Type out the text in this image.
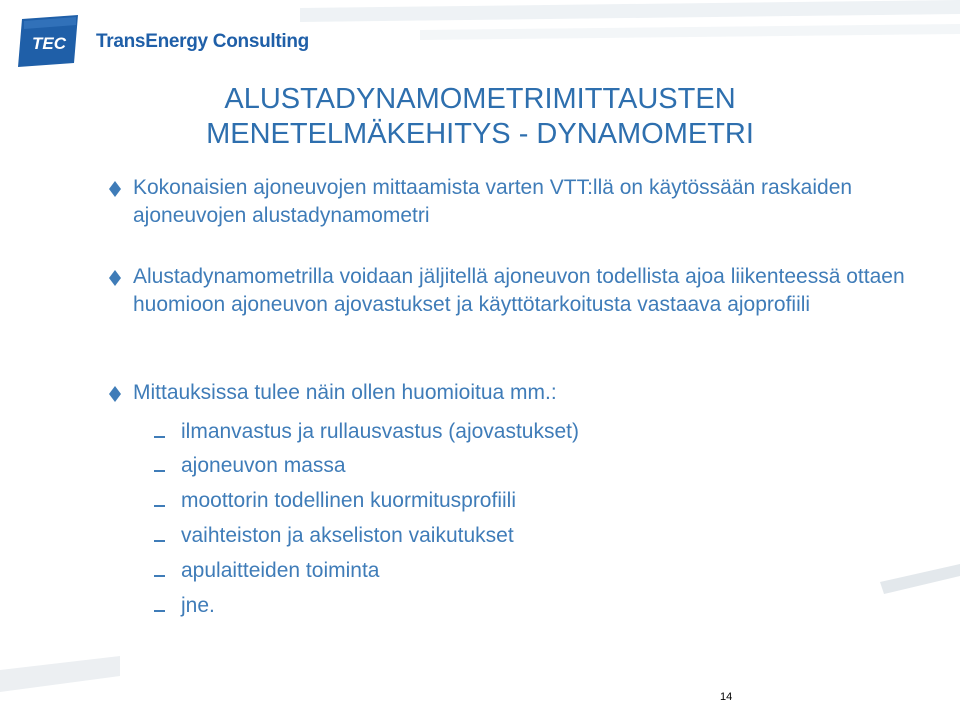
TEC TransEnergy Consulting
ALUSTADYNAMOMETRIMITTAUSTEN
MENETELMÄKEHITYS - DYNAMOMETRI
Kokonaisien ajoneuvojen mittaamista varten VTT:llä on käytössään raskaiden ajoneuvojen alustadynamometri
Alustadynamometrilla voidaan jäljitellä ajoneuvon todellista ajoa liikenteessä ottaen huomioon ajoneuvon ajovastukset ja käyttötarkoitusta vastaava ajoprofiili
Mittauksissa tulee näin ollen huomioitua mm.:
ilmanvastus ja rullausvastus (ajovastukset)
ajoneuvon massa
moottorin todellinen kuormitusprofiili
vaihteiston ja akseliston vaikutukset
apulaitteiden toiminta
jne.
14
